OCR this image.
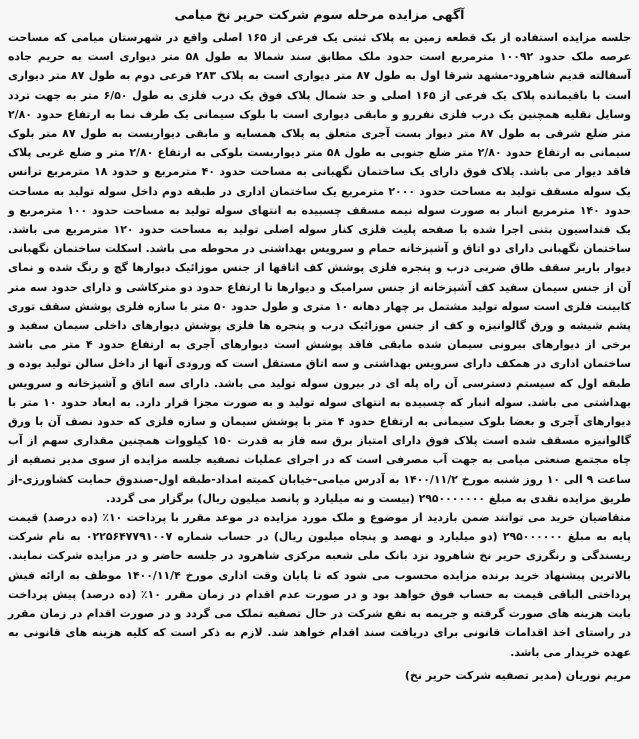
آگهی مزایده مرحله سوم شرکت حریر نخ میامی

جلسه مزایده استفاده از یک قطعه زمین به پلاک ثبتی یک فرعی از ۱۶۵ اصلی واقع در شهرستان میامی که مساحت عرصه ملک حدود ۱۰۰۹۲ مترمربع است حدود ملک مطابق سند شمالا به طول ۵۸ متر دیواری است به حریم جاده آسفالته قدیم شاهرود-مشهد شرقا اول به طول ۸۷ متر دیواری است به پلاک ۲۸۳ فرعی دوم به طول ۸۷ متر دیواری است با باقیمانده پلاک یک فرعی از ۱۶۵ اصلی و حد شمال پلاک فوق یک درب فلزی به طول ۶/۵۰ متر به جهت تردد وسایل نقلیه همچنین یک درب فلزی نفررو و مابقی دیواری است با بلوک سیمانی یک طرف نما به ارتفاع حدود ۲/۸۰ متر ضلع شرقی به طول ۸۷ متر دیوار بست آجری متعلق به پلاک همسایه و مابقی دیواربست به طول ۸۷ متر بلوک سیمانی به ارتفاع حدود ۲/۸۰ متر ضلع جنوبی به طول ۵۸ متر دیواربست بلوکی به ارتفاع ۲/۸۰ متر و ضلع غربی پلاک فاقد دیوار می باشد. پلاک فوق دارای یک ساختمان نگهبانی به مساحت حدود ۴۰ مترمربع و حدود ۱۸ مترمربع ترانس یک سوله مسقف تولید به مساحت حدود ۲۰۰۰ مترمربع یک ساختمان اداری در طبقه دوم داخل سوله تولید به مساحت حدود ۱۴۰ مترمربع انبار به صورت سوله نیمه مسقف چسبیده به انتهای سوله تولید به مساحت حدود ۱۰۰ مترمربع و یک فنداسیون بتنی اجرا شده با صفحه پلیت فلزی کنار سوله اصلی تولید به مساحت حدود ۱۲۰ مترمربع می باشد. ساختمان نگهبانی دارای دو اتاق و آشپزخانه حمام و سرویس بهداشتی در محوطه می باشد. اسکلت ساختمان نگهبانی دیوار باربر سقف طاق ضربی درب و پنجره فلزی پوشش کف اتاقها از جنس موزائیک دیوارها گچ و رنگ شده و نمای آن از جنس سیمان سفید کف آشپزخانه از جنس سرامیک و دیوارها تا ارتفاع حدود دو مترکاشی و دارای حدود سه متر کابینت فلزی است سوله تولید مشتمل بر چهار دهانه ۱۰ متری و طول حدود ۵۰ متر با سازه فلزی پوشش سقف توری پشم شیشه و ورق گالوانیزه و کف از جنس موزائیک درب و پنجره ها فلزی پوشش دیوارهای داخلی سیمان سفید و برخی از دیوارهای بیرونی سیمان شده مابقی فاقد پوشش است دیوارهای آجری به ارتفاع حدود ۴ متر می باشد ساختمان اداری در همکف دارای سرویس بهداشتی و سه اتاق مستقل است که ورودی آنها از داخل سالن تولید بوده و طبقه اول که سیستم دسترسی آن راه پله ای در بیرون سوله تولید می باشد. دارای سه اتاق و آشپزخانه و سرویس بهداشتی می باشد. سوله انبار که چسبیده به انتهای سوله تولید و به صورت مجزا قرار دارد. به ابعاد حدود ۱۰ متر با دیوارهای آجری و بعضا بلوک سیمانی به ارتفاع حدود ۴ متر با پوشش سیمان و سازه فلزی که حدود نصف آن با ورق گالوانیزه مسقف شده است پلاک فوق دارای امتیاز برق سه فاز به قدرت ۱۵۰ کیلووات همچنین مقداری سهم از آب چاه مجتمع صنعتی میامی به جهت آب مصرفی است که در اجرای عملیات تصفیه جلسه مزایده از سوی مدیر تصفیه از ساعت ۹ الی ۱۰ روز شنبه مورخ ۱۴۰۰/۱۱/۲ به آدرس میامی-خیابان کمیته امداد-طبقه اول-صندوق حمایت کشاورزی-از طریق مزایده نقدی به مبلغ ۲۹۵۰۰۰۰۰۰۰ (بیست و نه میلیارد و پانصد میلیون ریال) برگزار می گردد.

متقاضیان خرید می توانند ضمن بازدید از موضوع و ملک مورد مزایده در موعد مقرر با پرداخت ۱۰٪ (ده درصد) قیمت پایه به مبلغ ۲۹۵۰۰۰۰۰۰ (دو میلیارد و نهصد و پنجاه میلیون ریال) در حساب شماره ۰۲۲۵۶۴۷۷۹۱۰۰۷ به نام شرکت ریسندگی و رنگرزی حریر نخ شاهرود نزد بانک ملی شعبه مرکزی شاهرود در جلسه حاضر و در مزایده شرکت نمایند. بالاترین پیشنهاد خرید برنده مزایده محسوب می شود که تا پایان وقت اداری مورخ ۱۴۰۰/۱۱/۴ موظف به ارائه فیش پرداختی الباقی قیمت به حساب فوق خواهد بود و در صورت عدم اقدام در زمان مقرر ۱۰٪ (ده درصد) پیش پرداخت بابت هزینه های صورت گرفته و جریمه به نفع شرکت در حال تصفیه تملک می گردد و در صورت اقدام در زمان مقرر در راستای اخذ اقدامات قانونی برای دریافت سند اقدام خواهد شد. لازم به ذکر است که کلیه هزینه های قانونی به عهده خریدار می باشد.

مریم نوریان (مدیر تصفیه شرکت حریر نخ)
